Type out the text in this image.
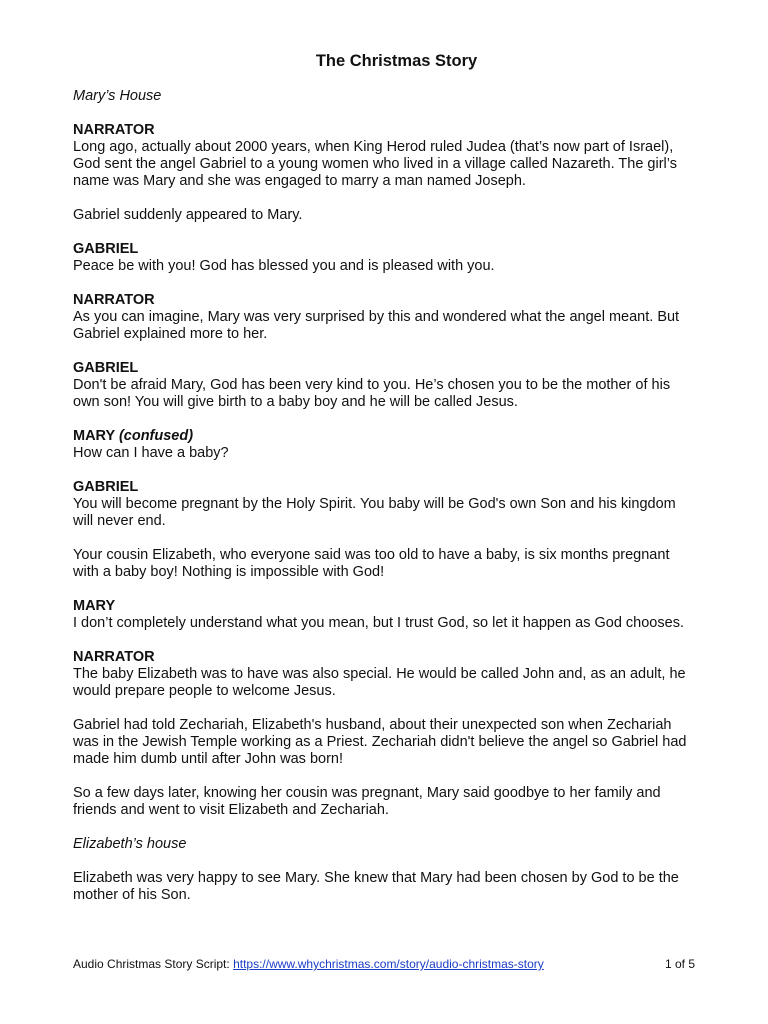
The Christmas Story
Mary’s House
NARRATOR
Long ago, actually about 2000 years, when King Herod ruled Judea (that’s now part of Israel), God sent the angel Gabriel to a young women who lived in a village called Nazareth. The girl’s name was Mary and she was engaged to marry a man named Joseph.
Gabriel suddenly appeared to Mary.
GABRIEL
Peace be with you! God has blessed you and is pleased with you.
NARRATOR
As you can imagine, Mary was very surprised by this and wondered what the angel meant. But Gabriel explained more to her.
GABRIEL
Don't be afraid Mary, God has been very kind to you. He’s chosen you to be the mother of his own son! You will give birth to a baby boy and he will be called Jesus.
MARY (confused)
How can I have a baby?
GABRIEL
You will become pregnant by the Holy Spirit. You baby will be God's own Son and his kingdom will never end.
Your cousin Elizabeth, who everyone said was too old to have a baby, is six months pregnant with a baby boy! Nothing is impossible with God!
MARY
I don’t completely understand what you mean, but I trust God, so let it happen as God chooses.
NARRATOR
The baby Elizabeth was to have was also special. He would be called John and, as an adult, he would prepare people to welcome Jesus.
Gabriel had told Zechariah, Elizabeth's husband, about their unexpected son when Zechariah was in the Jewish Temple working as a Priest. Zechariah didn't believe the angel so Gabriel had made him dumb until after John was born!
So a few days later, knowing her cousin was pregnant, Mary said goodbye to her family and friends and went to visit Elizabeth and Zechariah.
Elizabeth’s house
Elizabeth was very happy to see Mary. She knew that Mary had been chosen by God to be the mother of his Son.
Audio Christmas Story Script: https://www.whychristmas.com/story/audio-christmas-story	1 of 5
